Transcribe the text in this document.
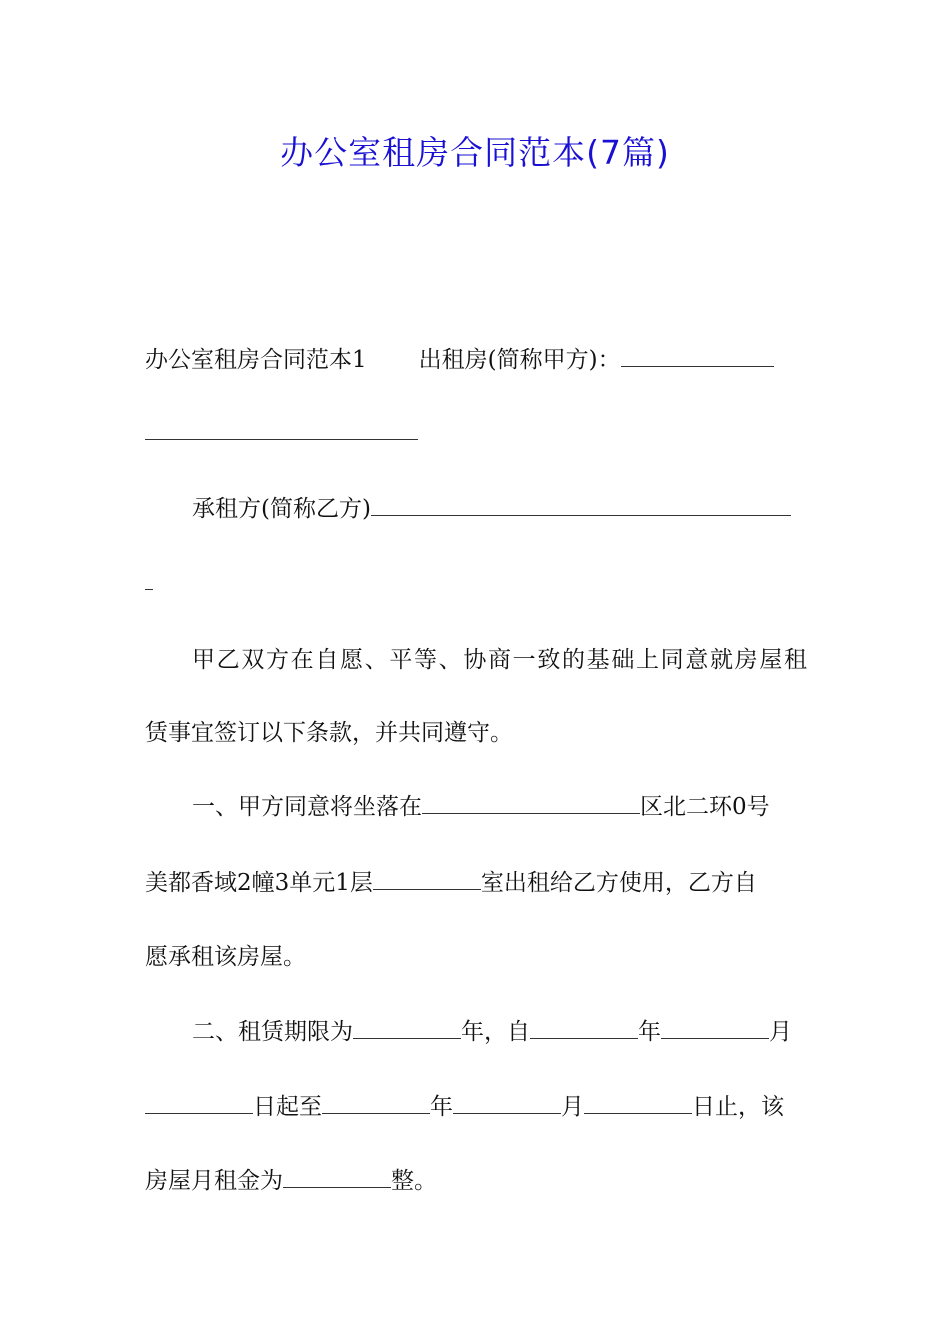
办公室租房合同范本(7篇)
办公室租房合同范本1 出租房(简称甲方)：
承租方(简称乙方)
甲乙双方在自愿、平等、协商一致的基础上同意就房屋租
赁事宜签订以下条款，并共同遵守。
一、甲方同意将坐落在	区北二环0号
美都香域2幢3单元1层	室出租给乙方使用，乙方自
愿承租该房屋。
二、租赁期限为	年，自	年	月
日起至	年	月	日止，该
房屋月租金为	整。
